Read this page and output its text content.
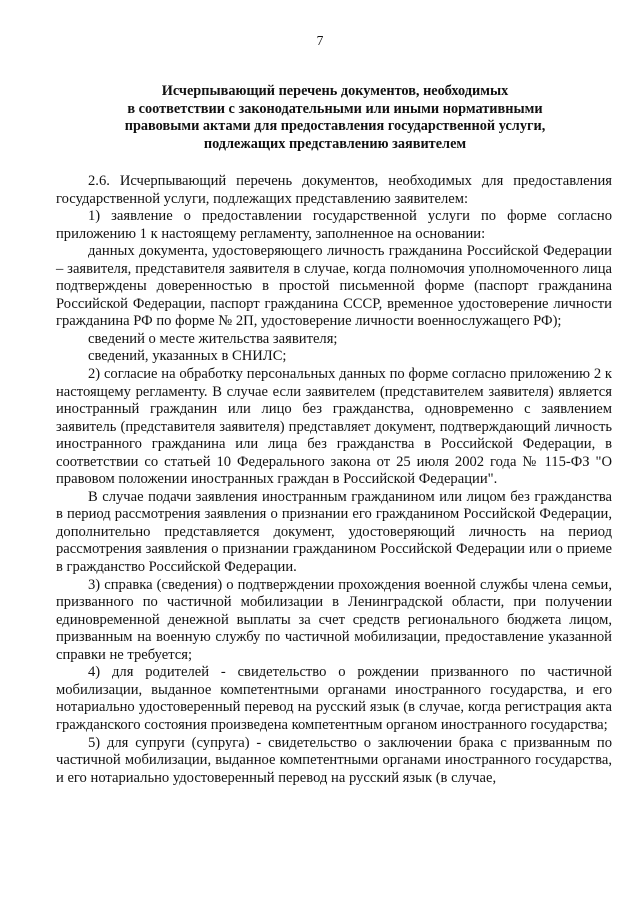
7
Исчерпывающий перечень документов, необходимых
в соответствии с законодательными или иными нормативными
правовыми актами для предоставления государственной услуги,
подлежащих представлению заявителем

2.6. Исчерпывающий перечень документов, необходимых для предоставления государственной услуги, подлежащих представлению заявителем:

1) заявление о предоставлении государственной услуги по форме согласно приложению 1 к настоящему регламенту, заполненное на основании:

данных документа, удостоверяющего личность гражданина Российской Федерации – заявителя, представителя заявителя в случае, когда полномочия уполномоченного лица подтверждены доверенностью в простой письменной форме (паспорт гражданина Российской Федерации, паспорт гражданина СССР, временное удостоверение личности гражданина РФ по форме № 2П, удостоверение личности военнослужащего РФ);

сведений о месте жительства заявителя;

сведений, указанных в СНИЛС;

2) согласие на обработку персональных данных по форме согласно приложению 2 к настоящему регламенту. В случае если заявителем (представителем заявителя) является иностранный гражданин или лицо без гражданства, одновременно с заявлением заявитель (представителя заявителя) представляет документ, подтверждающий личность иностранного гражданина или лица без гражданства в Российской Федерации, в соответствии со статьей 10 Федерального закона от 25 июля 2002 года № 115-ФЗ "О правовом положении иностранных граждан в Российской Федерации".

В случае подачи заявления иностранным гражданином или лицом без гражданства в период рассмотрения заявления о признании его гражданином Российской Федерации, дополнительно представляется документ, удостоверяющий личность на период рассмотрения заявления о признании гражданином Российской Федерации или о приеме в гражданство Российской Федерации.

3) справка (сведения) о подтверждении прохождения военной службы члена семьи, призванного по частичной мобилизации в Ленинградской области, при получении единовременной денежной выплаты за счет средств регионального бюджета лицом, призванным на военную службу по частичной мобилизации, предоставление указанной справки не требуется;

4) для родителей - свидетельство о рождении призванного по частичной мобилизации, выданное компетентными органами иностранного государства, и его нотариально удостоверенный перевод на русский язык (в случае, когда регистрация акта гражданского состояния произведена компетентным органом иностранного государства;

5) для супруги (супруга) - свидетельство о заключении брака с призванным по частичной мобилизации, выданное компетентными органами иностранного государства, и его нотариально удостоверенный перевод на русский язык (в случае,
